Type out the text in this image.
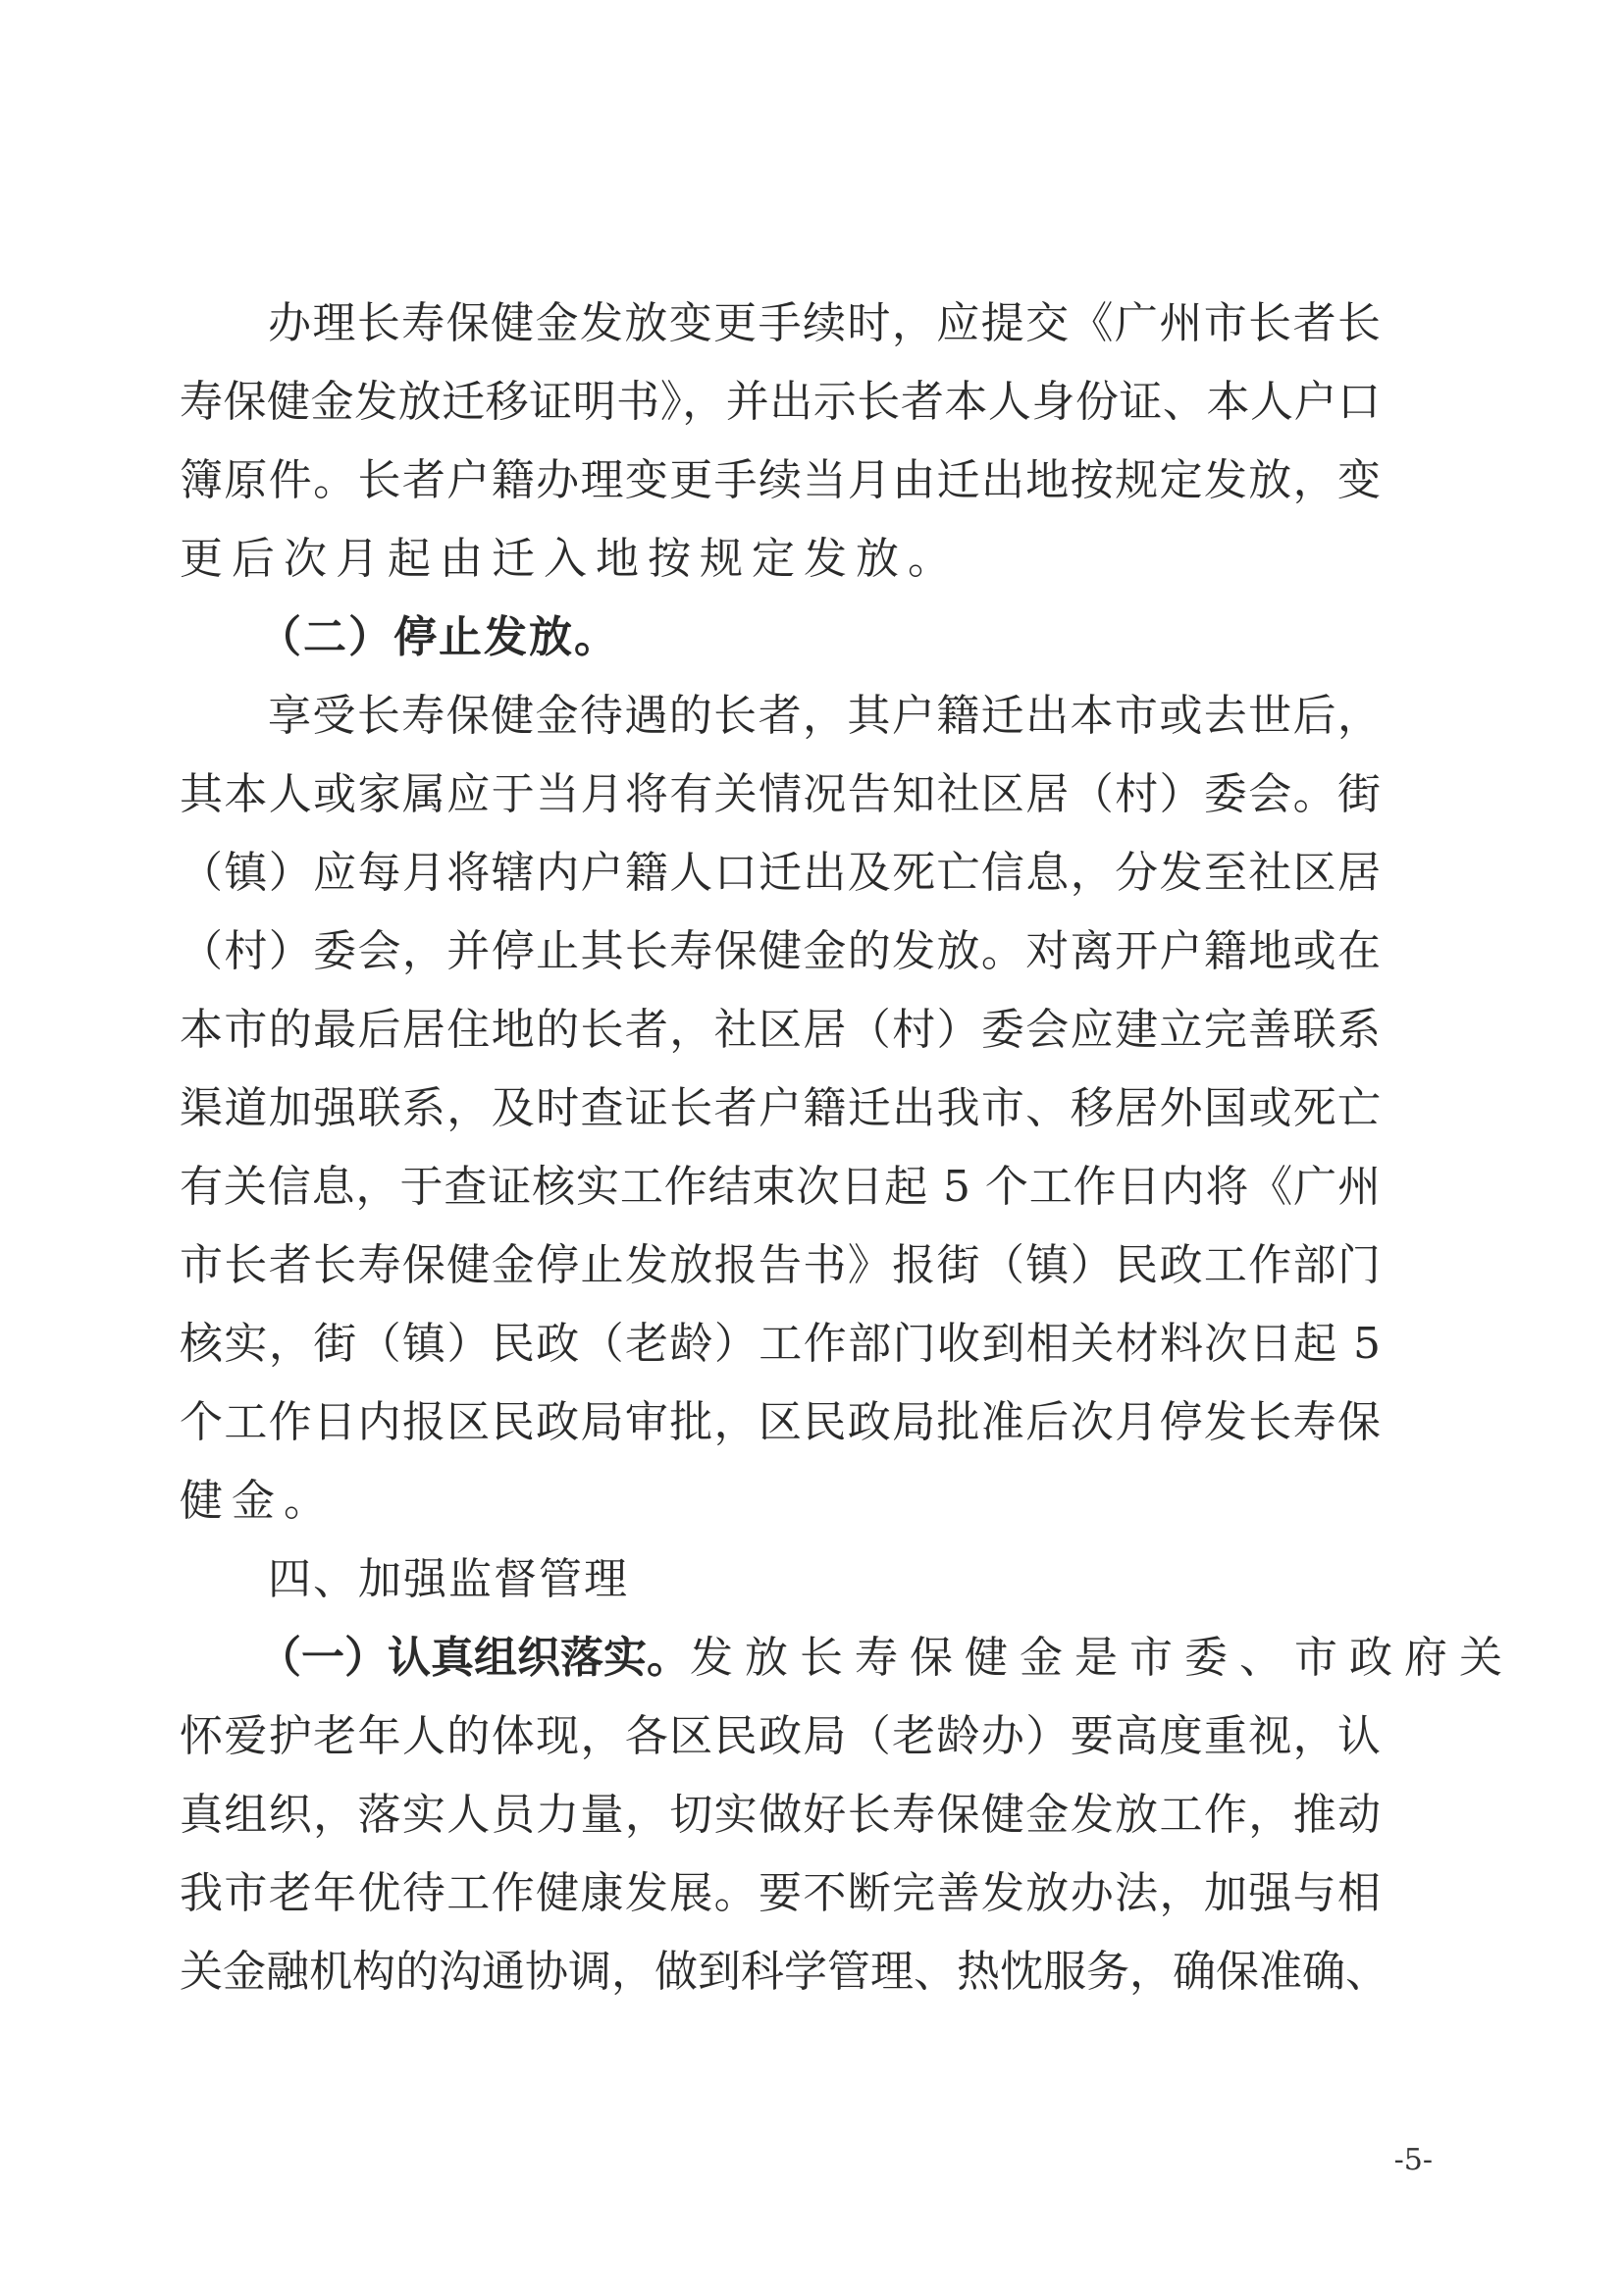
办理长寿保健金发放变更手续时，应提交《广州市长者长

寿保健金发放迁移证明书》，并出示长者本人身份证、本人户口

簿原件。长者户籍办理变更手续当月由迁出地按规定发放，变

更后次月起由迁入地按规定发放。

（二）停止发放。

享受长寿保健金待遇的长者，其户籍迁出本市或去世后，

其本人或家属应于当月将有关情况告知社区居（村）委会。街

（镇）应每月将辖内户籍人口迁出及死亡信息，分发至社区居

（村）委会，并停止其长寿保健金的发放。对离开户籍地或在

本市的最后居住地的长者，社区居（村）委会应建立完善联系

渠道加强联系，及时查证长者户籍迁出我市、移居外国或死亡

有关信息，于查证核实工作结束次日起 5 个工作日内将《广州

市长者长寿保健金停止发放报告书》报街（镇）民政工作部门

核实，街（镇）民政（老龄）工作部门收到相关材料次日起 5

个工作日内报区民政局审批，区民政局批准后次月停发长寿保

健金。

四、加强监督管理

（一）认真组织落实。 发放长寿保健金是市委、市政府关

怀爱护老年人的体现，各区民政局（老龄办）要高度重视，认

真组织，落实人员力量，切实做好长寿保健金发放工作，推动

我市老年优待工作健康发展。要不断完善发放办法，加强与相

关金融机构的沟通协调，做到科学管理、热忱服务，确保准确、

-5-
